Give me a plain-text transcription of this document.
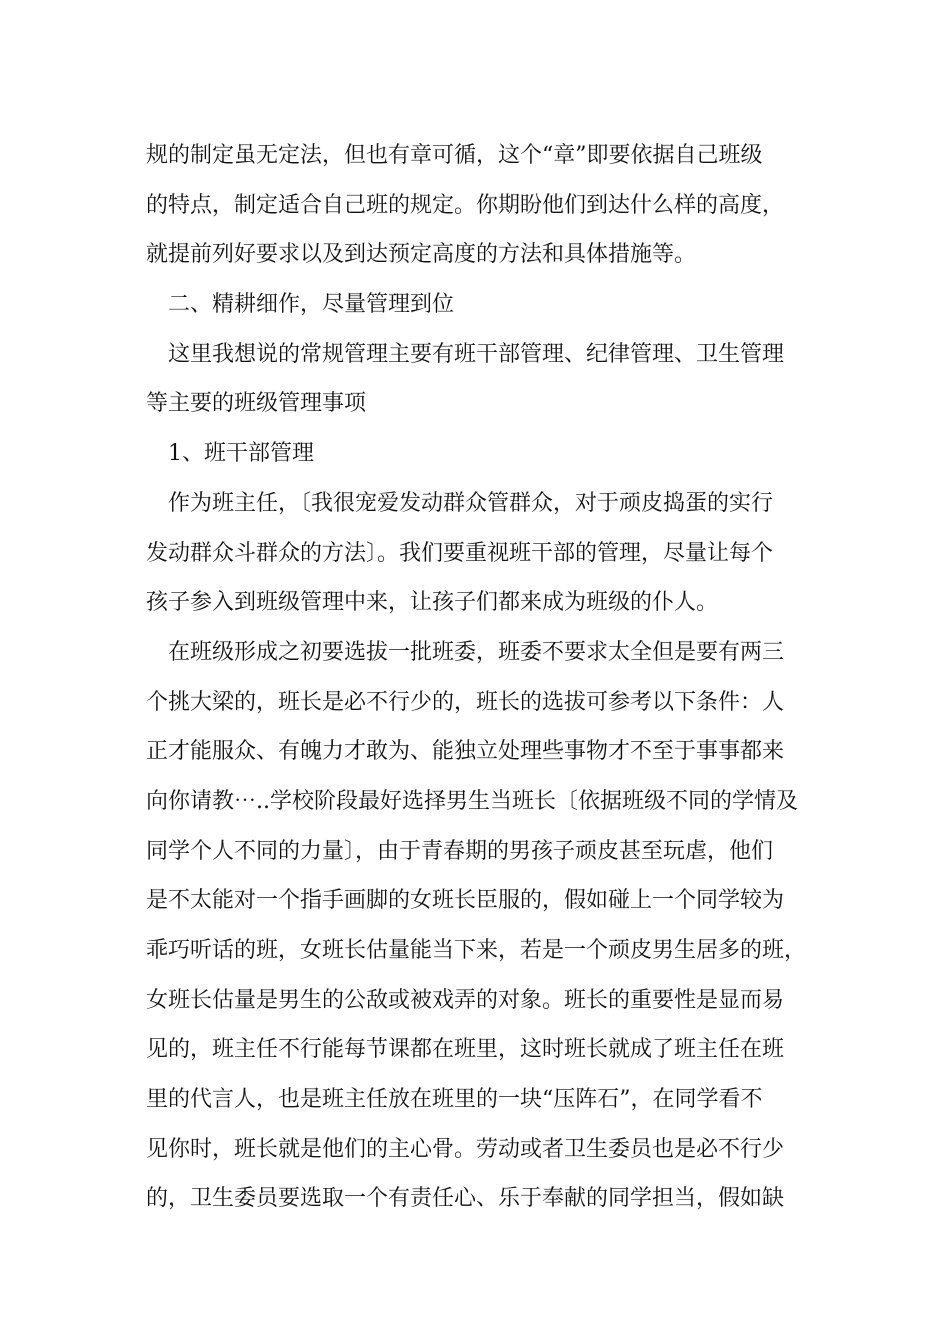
规的制定虽无定法，但也有章可循，这个“章”即要依据自己班级
的特点，制定适合自己班的规定。你期盼他们到达什么样的高度，
就提前列好要求以及到达预定高度的方法和具体措施等。
二、精耕细作，尽量管理到位
这里我想说的常规管理主要有班干部管理、纪律管理、卫生管理
等主要的班级管理事项
1、班干部管理
作为班主任，〔我很宠爱发动群众管群众，对于顽皮捣蛋的实行
发动群众斗群众的方法〕。我们要重视班干部的管理，尽量让每个
孩子参入到班级管理中来，让孩子们都来成为班级的仆人。
在班级形成之初要选拔一批班委，班委不要求太全但是要有两三
个挑大梁的，班长是必不行少的，班长的选拔可参考以下条件：人
正才能服众、有魄力才敢为、能独立处理些事物才不至于事事都来
向你请教⋯..学校阶段最好选择男生当班长〔依据班级不同的学情及
同学个人不同的力量〕，由于青春期的男孩子顽皮甚至玩虐，他们
是不太能对一个指手画脚的女班长臣服的，假如碰上一个同学较为
乖巧听话的班，女班长估量能当下来，若是一个顽皮男生居多的班，
女班长估量是男生的公敌或被戏弄的对象。班长的重要性是显而易
见的，班主任不行能每节课都在班里，这时班长就成了班主任在班
里的代言人，也是班主任放在班里的一块“压阵石”，在同学看不
见你时，班长就是他们的主心骨。劳动或者卫生委员也是必不行少
的，卫生委员要选取一个有责任心、乐于奉献的同学担当，假如缺
